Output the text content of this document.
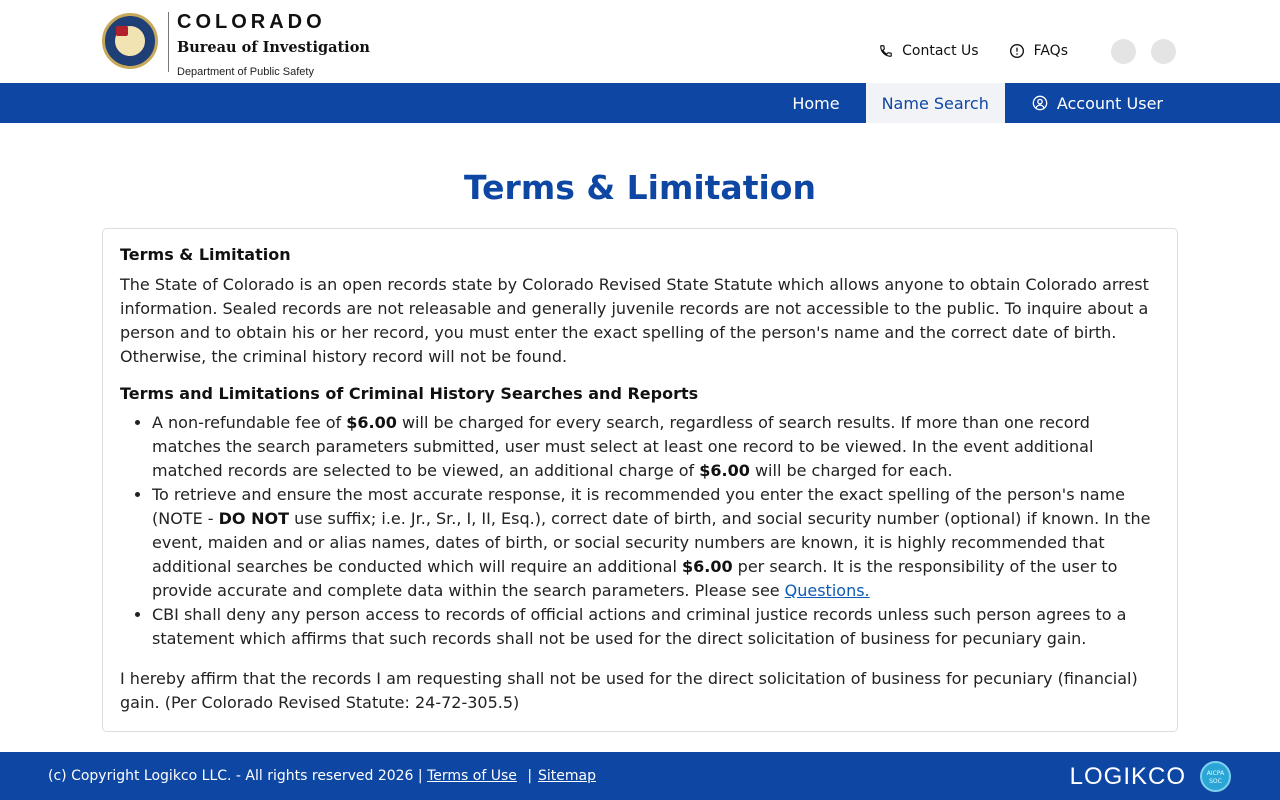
COLORADO
Bureau of Investigation
Department of Public Safety
Contact Us	FAQs
Home	Name Search	Account User
Terms & Limitation
Terms & Limitation

The State of Colorado is an open records state by Colorado Revised State Statute which allows anyone to obtain Colorado arrest information. Sealed records are not releasable and generally juvenile records are not accessible to the public. To inquire about a person and to obtain his or her record, you must enter the exact spelling of the person's name and the correct date of birth. Otherwise, the criminal history record will not be found.

Terms and Limitations of Criminal History Searches and Reports
• A non-refundable fee of $6.00 will be charged for every search, regardless of search results. If more than one record matches the search parameters submitted, user must select at least one record to be viewed. In the event additional matched records are selected to be viewed, an additional charge of $6.00 will be charged for each.
• To retrieve and ensure the most accurate response, it is recommended you enter the exact spelling of the person's name (NOTE - DO NOT use suffix; i.e. Jr., Sr., I, II, Esq.), correct date of birth, and social security number (optional) if known. In the event, maiden and or alias names, dates of birth, or social security numbers are known, it is highly recommended that additional searches be conducted which will require an additional $6.00 per search. It is the responsibility of the user to provide accurate and complete data within the search parameters. Please see Questions.
• CBI shall deny any person access to records of official actions and criminal justice records unless such person agrees to a statement which affirms that such records shall not be used for the direct solicitation of business for pecuniary gain.

I hereby affirm that the records I am requesting shall not be used for the direct solicitation of business for pecuniary (financial) gain. (Per Colorado Revised Statute: 24-72-305.5)

(c) Copyright Logikco LLC. - All rights reserved 2026 | Terms of Use | Sitemap	LOGIKCO	AICPA
SOC
